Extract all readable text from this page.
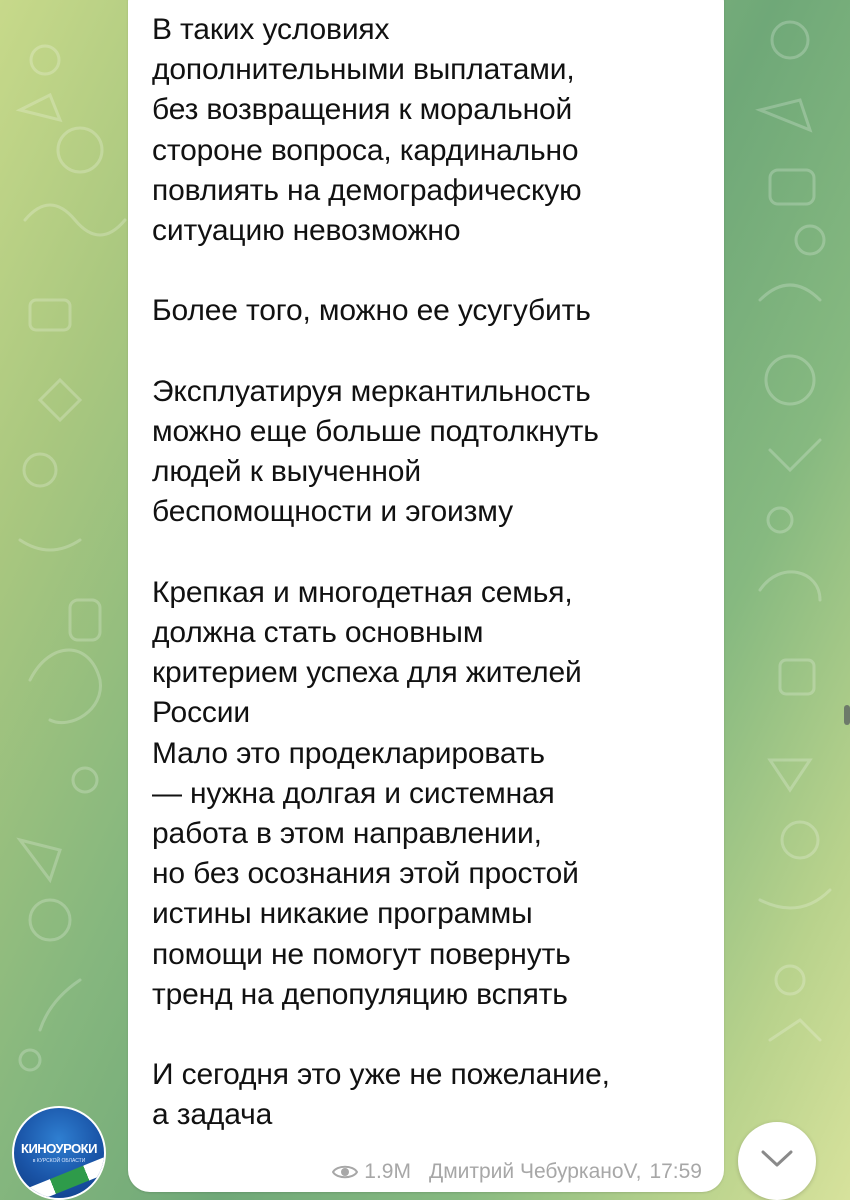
В таких условиях
дополнительными выплатами,
без возвращения к моральной
стороне вопроса, кардинально
повлиять на демографическую
ситуацию невозможно

Более того, можно ее усугубить

Эксплуатируя меркантильность
можно еще больше подтолкнуть
людей к выученной
беспомощности и эгоизму

Крепкая и многодетная семья,
должна стать основным
критерием успеха для жителей
России
Мало это продекларировать
— нужна долгая и системная
работа в этом направлении,
но без осознания этой простой
истины никакие программы
помощи не помогут повернуть
тренд на депопуляцию вспять

И сегодня это уже не пожелание,
а задача

1.9M Дмитрий ЧебурканоV, 17:59
КИНОУРОКИ
в КУРСКОЙ ОБЛАСТИ
